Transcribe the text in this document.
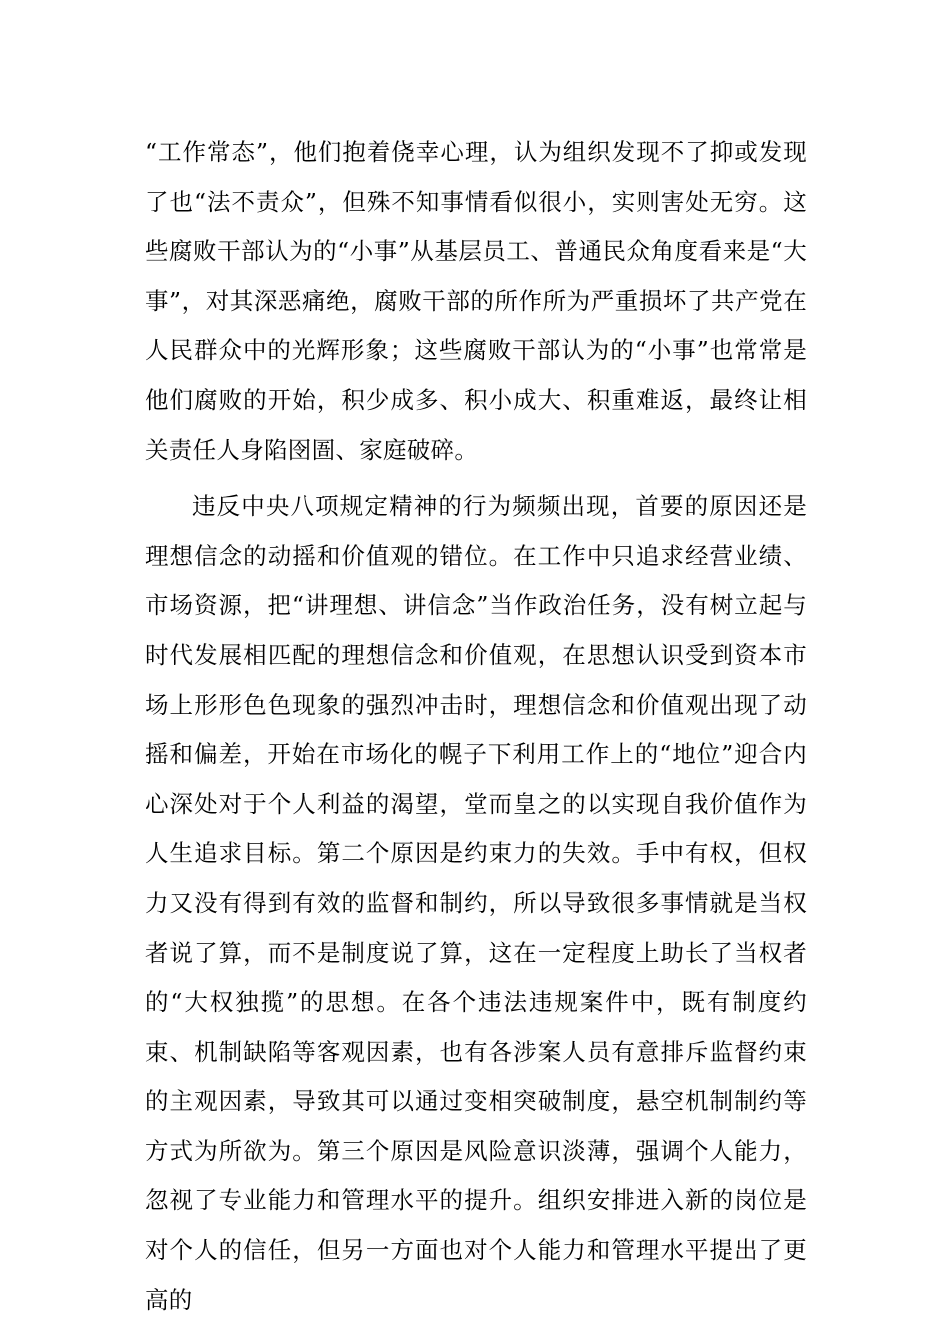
“工作常态”，他们抱着侥幸心理，认为组织发现不了抑或发现了也“法不责众”，但殊不知事情看似很小，实则害处无穷。这些腐败干部认为的“小事”从基层员工、普通民众角度看来是“大事”，对其深恶痛绝，腐败干部的所作所为严重损坏了共产党在人民群众中的光辉形象；这些腐败干部认为的“小事”也常常是他们腐败的开始，积少成多、积小成大、积重难返，最终让相关责任人身陷囹圄、家庭破碎。

违反中央八项规定精神的行为频频出现，首要的原因还是理想信念的动摇和价值观的错位。在工作中只追求经营业绩、市场资源，把“讲理想、讲信念”当作政治任务，没有树立起与时代发展相匹配的理想信念和价值观，在思想认识受到资本市场上形形色色现象的强烈冲击时，理想信念和价值观出现了动摇和偏差，开始在市场化的幌子下利用工作上的“地位”迎合内心深处对于个人利益的渴望，堂而皇之的以实现自我价值作为人生追求目标。第二个原因是约束力的失效。手中有权，但权力又没有得到有效的监督和制约，所以导致很多事情就是当权者说了算，而不是制度说了算，这在一定程度上助长了当权者的“大权独揽”的思想。在各个违法违规案件中，既有制度约束、机制缺陷等客观因素，也有各涉案人员有意排斥监督约束的主观因素，导致其可以通过变相突破制度，悬空机制制约等方式为所欲为。第三个原因是风险意识淡薄，强调个人能力，忽视了专业能力和管理水平的提升。组织安排进入新的岗位是对个人的信任，但另一方面也对个人能力和管理水平提出了更高的
